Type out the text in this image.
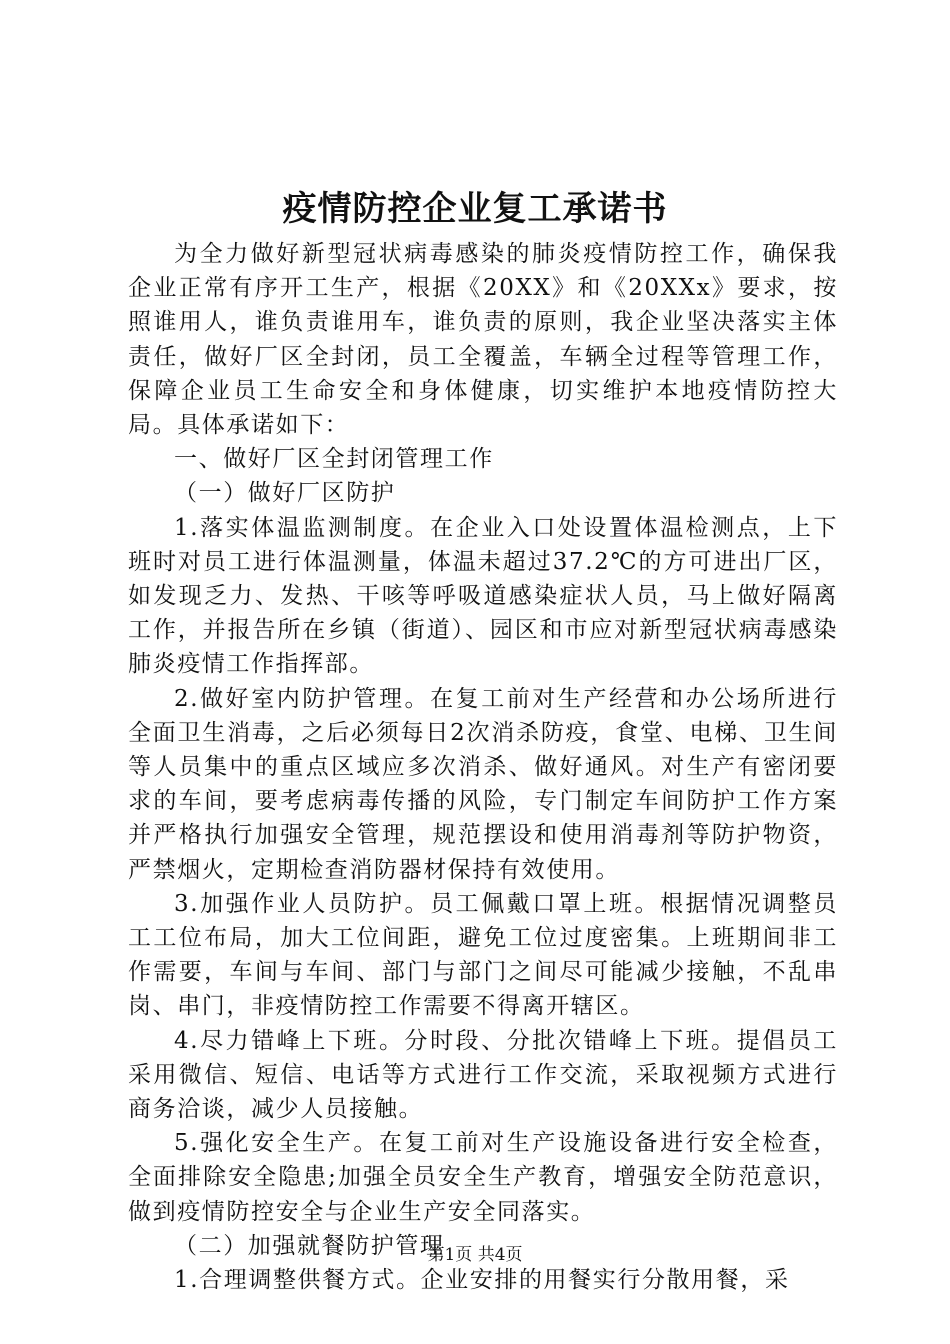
疫情防控企业复工承诺书

为全力做好新型冠状病毒感染的肺炎疫情防控工作，确保我企业正常有序开工生产，根据《20XX》和《20XXx》要求，按照谁用人，谁负责谁用车，谁负责的原则，我企业坚决落实主体责任，做好厂区全封闭，员工全覆盖，车辆全过程等管理工作，保障企业员工生命安全和身体健康，切实维护本地疫情防控大局。具体承诺如下：

一、做好厂区全封闭管理工作

（一）做好厂区防护

1.落实体温监测制度。在企业入口处设置体温检测点，上下班时对员工进行体温测量，体温未超过37.2℃的方可进出厂区，如发现乏力、发热、干咳等呼吸道感染症状人员，马上做好隔离工作，并报告所在乡镇（街道）、园区和市应对新型冠状病毒感染肺炎疫情工作指挥部。

2.做好室内防护管理。在复工前对生产经营和办公场所进行全面卫生消毒，之后必须每日2次消杀防疫，食堂、电梯、卫生间等人员集中的重点区域应多次消杀、做好通风。对生产有密闭要求的车间，要考虑病毒传播的风险，专门制定车间防护工作方案并严格执行加强安全管理，规范摆设和使用消毒剂等防护物资，严禁烟火，定期检查消防器材保持有效使用。

3.加强作业人员防护。员工佩戴口罩上班。根据情况调整员工工位布局，加大工位间距，避免工位过度密集。上班期间非工作需要，车间与车间、部门与部门之间尽可能减少接触，不乱串岗、串门，非疫情防控工作需要不得离开辖区。

4.尽力错峰上下班。分时段、分批次错峰上下班。提倡员工采用微信、短信、电话等方式进行工作交流，采取视频方式进行商务洽谈，减少人员接触。

5.强化安全生产。在复工前对生产设施设备进行安全检查，全面排除安全隐患;加强全员安全生产教育，增强安全防范意识，做到疫情防控安全与企业生产安全同落实。

（二）加强就餐防护管理

1.合理调整供餐方式。企业安排的用餐实行分散用餐，采

第1页 共4页
